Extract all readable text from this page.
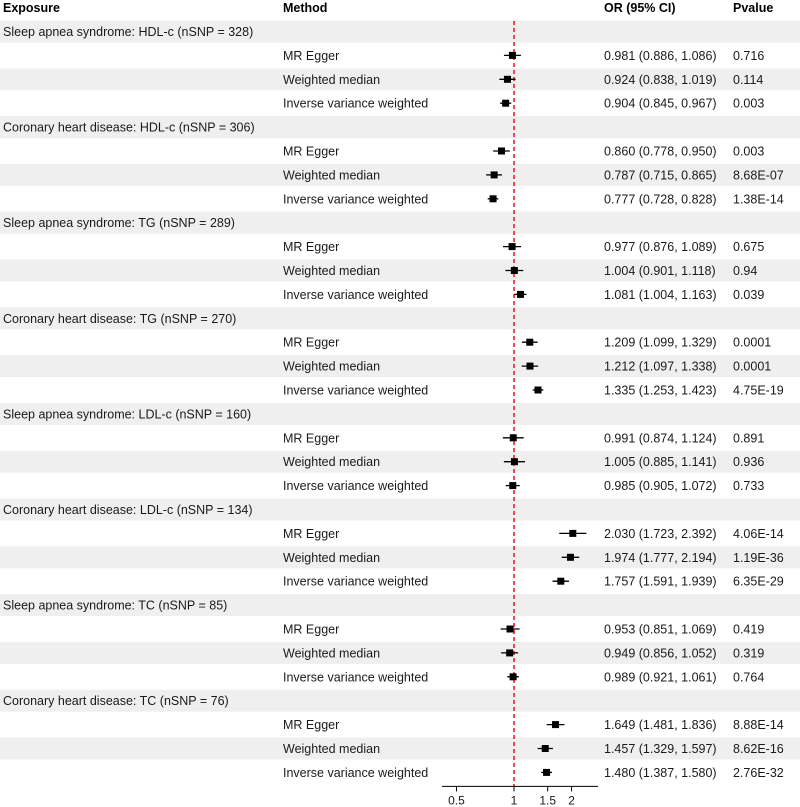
Exposure	Method	OR (95% CI)	Pvalue
Sleep apnea syndrome: HDL-c (nSNP = 328)
MR Egger	0.981 (0.886, 1.086) 0.716
Weighted median	0.924 (0.838, 1.019) 0.114
Inverse variance weighted	0.904 (0.845, 0.967) 0.003
Coronary heart disease: HDL-c (nSNP = 306)
MR Egger	0.860 (0.778, 0.950) 0.003
Weighted median	0.787 (0.715, 0.865) 8.68E-07
Inverse variance weighted	0.777 (0.728, 0.828) 1.38E-14
Sleep apnea syndrome: TG (nSNP = 289)
MR Egger	0.977 (0.876, 1.089) 0.675
Weighted median	1.004 (0.901, 1.118) 0.94
Inverse variance weighted	1.081 (1.004, 1.163) 0.039
Coronary heart disease: TG (nSNP = 270)
MR Egger	1.209 (1.099, 1.329) 0.0001
Weighted median	1.212 (1.097, 1.338) 0.0001
Inverse variance weighted	1.335 (1.253, 1.423) 4.75E-19
Sleep apnea syndrome: LDL-c (nSNP = 160)
MR Egger	0.991 (0.874, 1.124) 0.891
Weighted median	1.005 (0.885, 1.141) 0.936
Inverse variance weighted	0.985 (0.905, 1.072) 0.733
Coronary heart disease: LDL-c (nSNP = 134)
MR Egger	2.030 (1.723, 2.392) 4.06E-14
Weighted median	1.974 (1.777, 2.194) 1.19E-36
Inverse variance weighted	1.757 (1.591, 1.939) 6.35E-29
Sleep apnea syndrome: TC (nSNP = 85)
MR Egger	0.953 (0.851, 1.069) 0.419
Weighted median	0.949 (0.856, 1.052) 0.319
Inverse variance weighted	0.989 (0.921, 1.061) 0.764
Coronary heart disease: TC (nSNP = 76)
MR Egger	1.649 (1.481, 1.836) 8.88E-14
Weighted median	1.457 (1.329, 1.597) 8.62E-16
Inverse variance weighted	1.480 (1.387, 1.580) 2.76E-32
0.5	1 1.5 2
